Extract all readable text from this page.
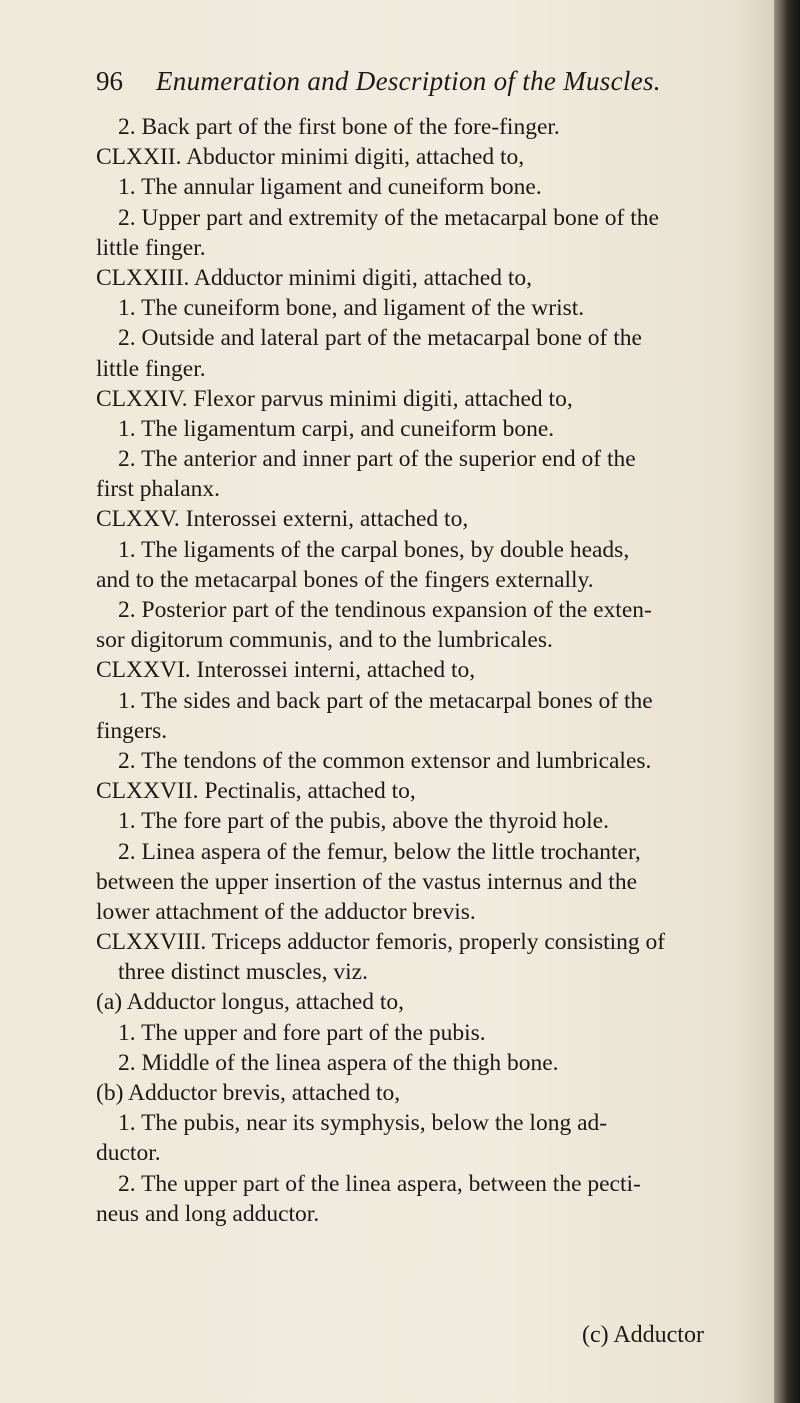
96 Enumeration and Description of the Muscles.
2. Back part of the first bone of the fore-finger.
CLXXII. Abductor minimi digiti, attached to,
1. The annular ligament and cuneiform bone.
2. Upper part and extremity of the metacarpal bone of the
little finger.
CLXXIII. Adductor minimi digiti, attached to,
1. The cuneiform bone, and ligament of the wrist.
2. Outside and lateral part of the metacarpal bone of the
little finger.
CLXXIV. Flexor parvus minimi digiti, attached to,
1. The ligamentum carpi, and cuneiform bone.
2. The anterior and inner part of the superior end of the
first phalanx.
CLXXV. Interossei externi, attached to,
1. The ligaments of the carpal bones, by double heads,
and to the metacarpal bones of the fingers externally.
2. Posterior part of the tendinous expansion of the exten-
sor digitorum communis, and to the lumbricales.
CLXXVI. Interossei interni, attached to,
1. The sides and back part of the metacarpal bones of the
fingers.
2. The tendons of the common extensor and lumbricales.
CLXXVII. Pectinalis, attached to,
1. The fore part of the pubis, above the thyroid hole.
2. Linea aspera of the femur, below the little trochanter,
between the upper insertion of the vastus internus and the
lower attachment of the adductor brevis.
CLXXVIII. Triceps adductor femoris, properly consisting of
three distinct muscles, viz.
(a) Adductor longus, attached to,
1. The upper and fore part of the pubis.
2. Middle of the linea aspera of the thigh bone.
(b) Adductor brevis, attached to,
1. The pubis, near its symphysis, below the long ad-
ductor.
2. The upper part of the linea aspera, between the pecti-
neus and long adductor.
(c) Adductor
